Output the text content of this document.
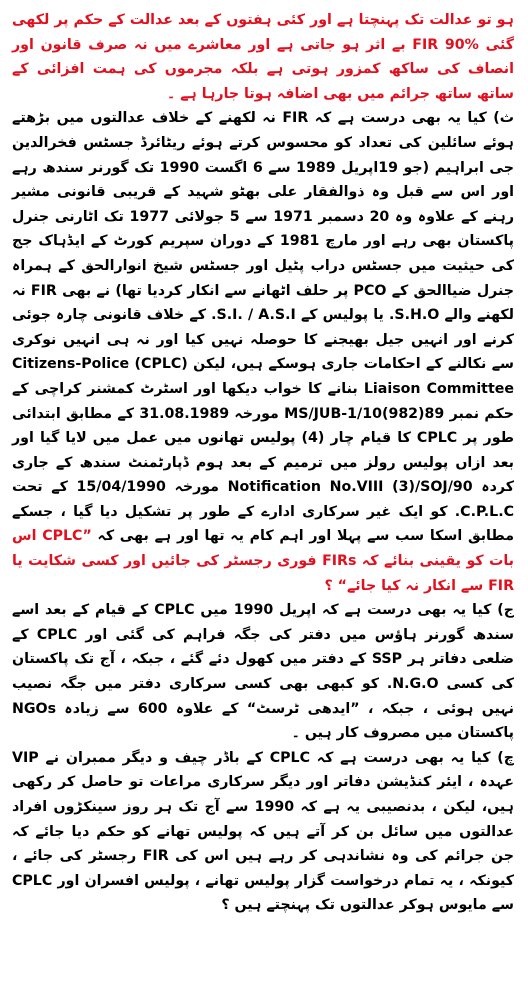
ہو تو عدالت تک پہنچتا ہے اور کئی ہفتوں کے بعد عدالت کے حکم پر لکھی گئی FIR 90% بے اثر ہو جاتی ہے اور معاشرے میں نہ صرف قانون اور انصاف کی ساکھ کمزور ہوتی ہے بلکہ مجرموں کی ہمت افزائی کے ساتھ ساتھ جرائم میں بھی اضافہ ہوتا جارہا ہے ۔

ث) کیا یہ بھی درست ہے کہ FIR نہ لکھنے کے خلاف عدالتوں میں بڑھتے ہوئے سائلین کی تعداد کو محسوس کرتے ہوئے ریٹائرڈ جسٹس فخرالدین جی ابراہیم (جو 19اپریل 1989 سے 6 اگست 1990 تک گورنر سندھ رہے اور اس سے قبل وہ ذوالفقار علی بھٹو شہید کے قریبی قانونی مشیر رہنے کے علاوہ وہ 20 دسمبر 1971 سے 5 جولائی 1977 تک اٹارنی جنرل پاکستان بھی رہے اور مارچ 1981 کے دوران سپریم کورٹ کے ایڈہاک جج کی حیثیت میں جسٹس دراب پٹیل اور جسٹس شیخ انوارالحق کے ہمراہ جنرل ضیاالحق کے PCO پر حلف اٹھانے سے انکار کردیا تھا) نے بھی FIR نہ لکھنے والے S.H.O. یا پولیس کے S.I. / A.S.I. کے خلاف قانونی چارہ جوئی کرنے اور انہیں جیل بھیجنے کا حوصلہ نہیں کیا اور نہ ہی انہیں نوکری سے نکالنے کے احکامات جاری ہوسکے ہیں، لیکن (CPLC) Citizens-Police Liaison Committee بنانے کا خواب دیکھا اور اسٹرٹ کمشنر کراچی کے حکم نمبر MS/JUB-1/10(982)89 مورخہ 31.08.1989 کے مطابق ابتدائی طور پر CPLC کا قیام چار (4) پولیس تھانوں میں عمل میں لایا گیا اور بعد ازاں پولیس رولز میں ترمیم کے بعد ہوم ڈپارٹمنٹ سندھ کے جاری کردہ Notification No.VIII (3)/SOJ/90 مورخہ 15/04/1990 کے تحت C.P.L.C. کو ایک غیر سرکاری ادارے کے طور پر تشکیل دیا گیا ، جسکے مطابق اسکا سب سے پہلا اور اہم کام یہ تھا اور ہے بھی کہ ”CPLC اس بات کو یقینی بنائے کہ FIRs فوری رجسٹر کی جائیں اور کسی شکایت یا FIR سے انکار نہ کیا جائے“ ؟

ج) کیا یہ بھی درست ہے کہ اپریل 1990 میں CPLC کے قیام کے بعد اسے سندھ گورنر ہاؤس میں دفتر کی جگہ فراہم کی گئی اور CPLC کے ضلعی دفاتر ہر SSP کے دفتر میں کھول دئے گئے ، جبکہ ، آج تک پاکستان کی کسی N.G.O. کو کبھی بھی کسی سرکاری دفتر میں جگہ نصیب نہیں ہوئی ، جبکہ ، ”ایدھی ٹرسٹ“ کے علاوہ 600 سے زیادہ NGOs پاکستان میں مصروف کار ہیں ۔

چ) کیا یہ بھی درست ہے کہ CPLC کے باڈر چیف و دیگر ممبران نے VIP عہدہ ، ایئر کنڈیشن دفاتر اور دیگر سرکاری مراعات تو حاصل کر رکھی ہیں، لیکن ، بدنصیبی یہ ہے کہ 1990 سے آج تک ہر روز سینکڑوں افراد عدالتوں میں سائل بن کر آتے ہیں کہ پولیس تھانے کو حکم دیا جائے کہ جن جرائم کی وہ نشاندہی کر رہے ہیں اس کی FIR رجسٹر کی جائے ، کیونکہ ، یہ تمام درخواست گزار پولیس تھانے ، پولیس افسران اور CPLC سے مایوس ہوکر عدالتوں تک پہنچتے ہیں ؟
